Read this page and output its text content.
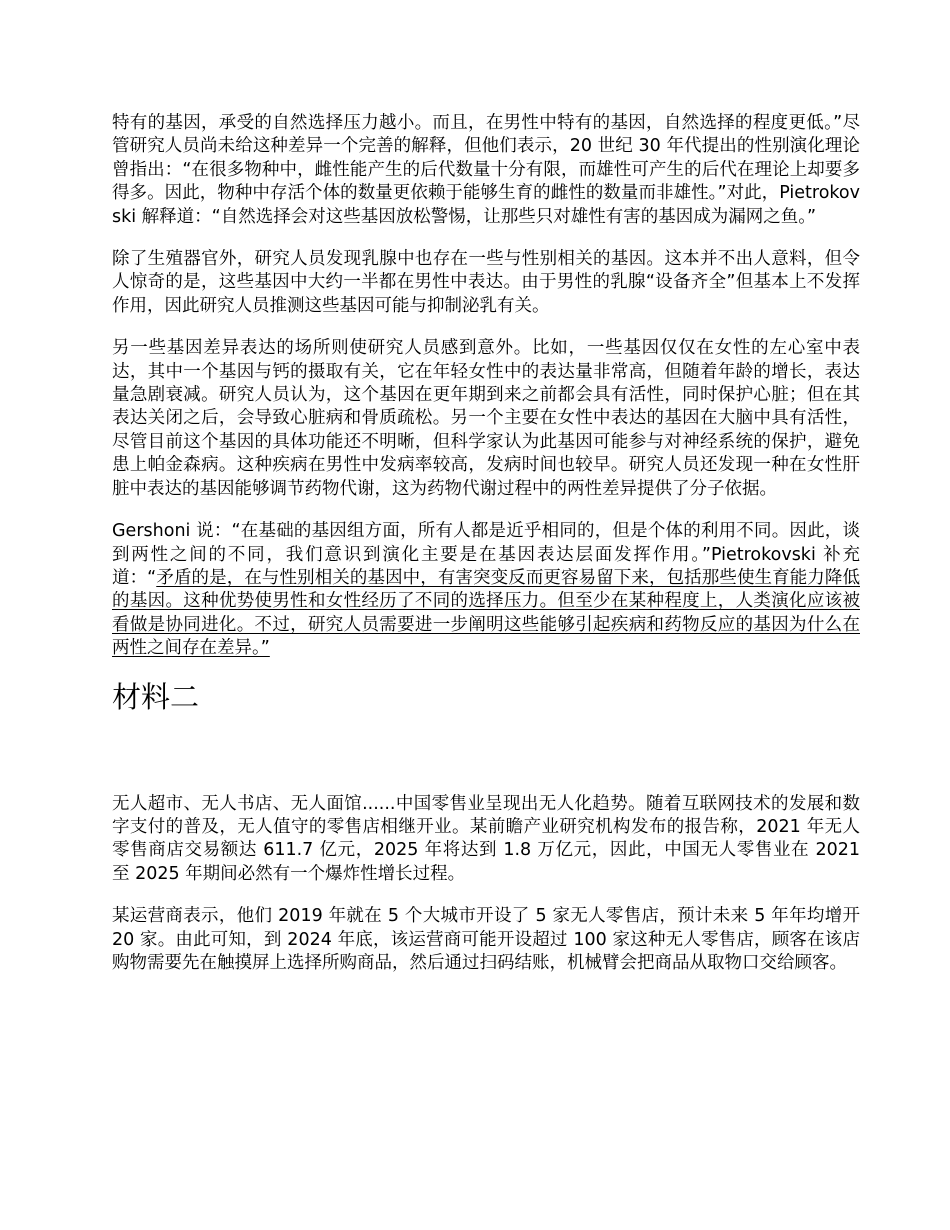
特有的基因，承受的自然选择压力越小。而且，在男性中特有的基因，自然选择的程度更低。”尽管研究人员尚未给这种差异一个完善的解释，但他们表示，20 世纪 30 年代提出的性别演化理论曾指出：“在很多物种中，雌性能产生的后代数量十分有限，而雄性可产生的后代在理论上却要多得多。因此，物种中存活个体的数量更依赖于能够生育的雌性的数量而非雄性。”对此，Pietrokovski 解释道：“自然选择会对这些基因放松警惕，让那些只对雄性有害的基因成为漏网之鱼。”

除了生殖器官外，研究人员发现乳腺中也存在一些与性别相关的基因。这本并不出人意料，但令人惊奇的是，这些基因中大约一半都在男性中表达。由于男性的乳腺“设备齐全”但基本上不发挥作用，因此研究人员推测这些基因可能与抑制泌乳有关。

另一些基因差异表达的场所则使研究人员感到意外。比如，一些基因仅仅在女性的左心室中表达，其中一个基因与钙的摄取有关，它在年轻女性中的表达量非常高，但随着年龄的增长，表达量急剧衰减。研究人员认为，这个基因在更年期到来之前都会具有活性，同时保护心脏；但在其表达关闭之后，会导致心脏病和骨质疏松。另一个主要在女性中表达的基因在大脑中具有活性，尽管目前这个基因的具体功能还不明晰，但科学家认为此基因可能参与对神经系统的保护，避免患上帕金森病。这种疾病在男性中发病率较高，发病时间也较早。研究人员还发现一种在女性肝脏中表达的基因能够调节药物代谢，这为药物代谢过程中的两性差异提供了分子依据。

Gershoni 说：“在基础的基因组方面，所有人都是近乎相同的，但是个体的利用不同。因此，谈到两性之间的不同，我们意识到演化主要是在基因表达层面发挥作用。”Pietrokovski 补充道：“矛盾的是，在与性别相关的基因中，有害突变反而更容易留下来，包括那些使生育能力降低的基因。这种优势使男性和女性经历了不同的选择压力。但至少在某种程度上，人类演化应该被看做是协同进化。不过，研究人员需要进一步阐明这些能够引起疾病和药物反应的基因为什么在两性之间存在差异。”

材料二

无人超市、无人书店、无人面馆......中国零售业呈现出无人化趋势。随着互联网技术的发展和数字支付的普及，无人值守的零售店相继开业。某前瞻产业研究机构发布的报告称，2021 年无人零售商店交易额达 611.7 亿元，2025 年将达到 1.8 万亿元，因此，中国无人零售业在 2021 至 2025 年期间必然有一个爆炸性增长过程。

某运营商表示，他们 2019 年就在 5 个大城市开设了 5 家无人零售店，预计未来 5 年年均增开 20 家。由此可知，到 2024 年底，该运营商可能开设超过 100 家这种无人零售店，顾客在该店购物需要先在触摸屏上选择所购商品，然后通过扫码结账，机械臂会把商品从取物口交给顾客。
